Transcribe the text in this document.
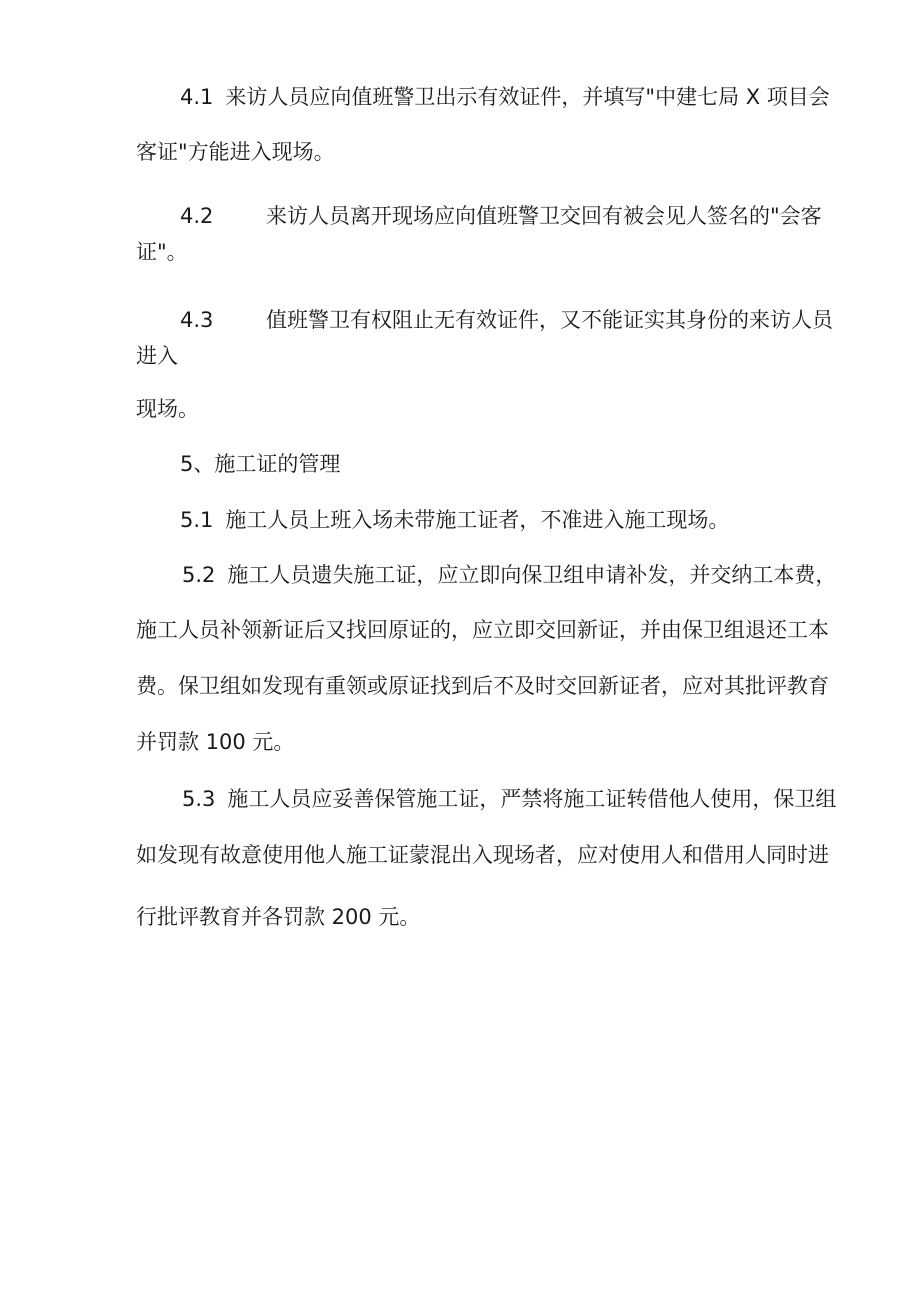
4.1 来访人员应向值班警卫出示有效证件，并填写"中建七局 X 项目会
客证"方能进入现场。
4.2	来访人员离开现场应向值班警卫交回有被会见人签名的"会客
证"。
4.3	值班警卫有权阻止无有效证件，又不能证实其身份的来访人员
进入
现场。
5、施工证的管理
5.1 施工人员上班入场未带施工证者，不准进入施工现场。
5.2 施工人员遗失施工证，应立即向保卫组申请补发，并交纳工本费，
施工人员补领新证后又找回原证的，应立即交回新证，并由保卫组退还工本
费。保卫组如发现有重领或原证找到后不及时交回新证者，应对其批评教育
并罚款 100 元。
5.3 施工人员应妥善保管施工证，严禁将施工证转借他人使用，保卫组
如发现有故意使用他人施工证蒙混出入现场者，应对使用人和借用人同时进
行批评教育并各罚款 200 元。
